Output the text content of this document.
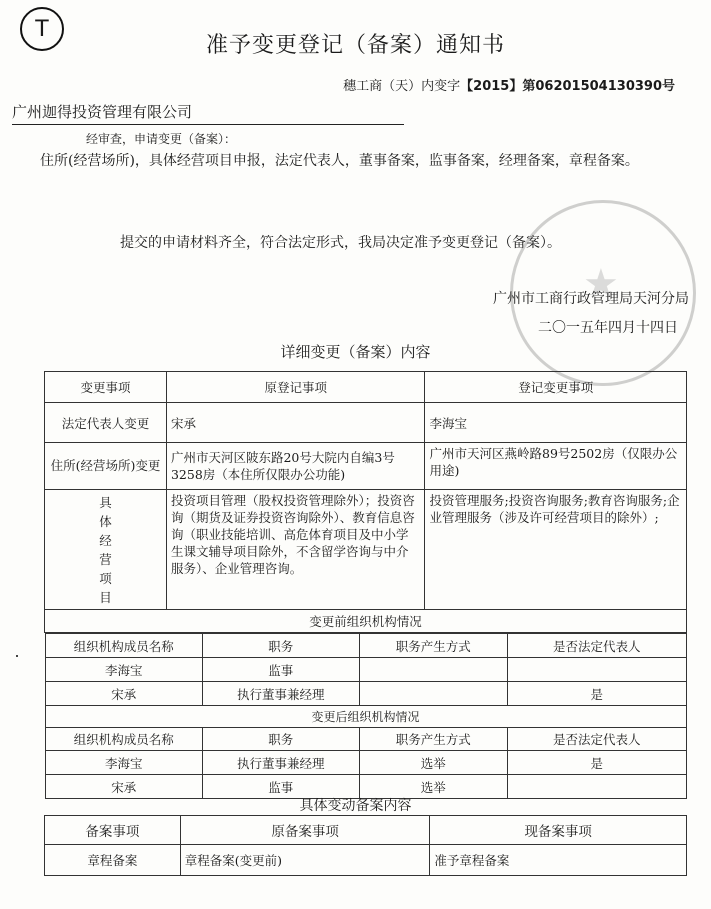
T
准予变更登记（备案）通知书
穗工商（天）内变字【2015】第06201504130390号
广州迦得投资管理有限公司
经审查，申请变更（备案）：
住所(经营场所)，具体经营项目申报，法定代表人，董事备案，监事备案，经理备案，章程备案。
提交的申请材料齐全，符合法定形式，我局决定准予变更登记（备案）。
★
广州市工商行政管理局天河分局
二〇一五年四月十四日
详细变更（备案）内容
变更事项	原登记事项	登记变更事项
法定代表人变更	宋承	李海宝
住所(经营场所)变更	广州市天河区陂东路20号大院内自编3号3258房（本住所仅限办公功能)	广州市天河区燕岭路89号2502房（仅限办公用途)
具体经营项目	投资项目管理（股权投资管理除外）；投资咨询（期货及证券投资咨询除外）、教育信息咨询（职业技能培训、高危体育项目及中小学生课文辅导项目除外，不含留学咨询与中介服务）、企业管理咨询。	投资管理服务;投资咨询服务;教育咨询服务;企业管理服务（涉及许可经营项目的除外）;
变更前组织机构情况

组织机构成员名称	职务	职务产生方式	是否法定代表人
李海宝	监事		
宋承	执行董事兼经理		是
变更后组织机构情况
组织机构成员名称	职务	职务产生方式	是否法定代表人
李海宝	执行董事兼经理	选举	是
宋承	监事	选举	
具体变动备案内容
备案事项	原备案事项	现备案事项
章程备案	章程备案(变更前)	准予章程备案
